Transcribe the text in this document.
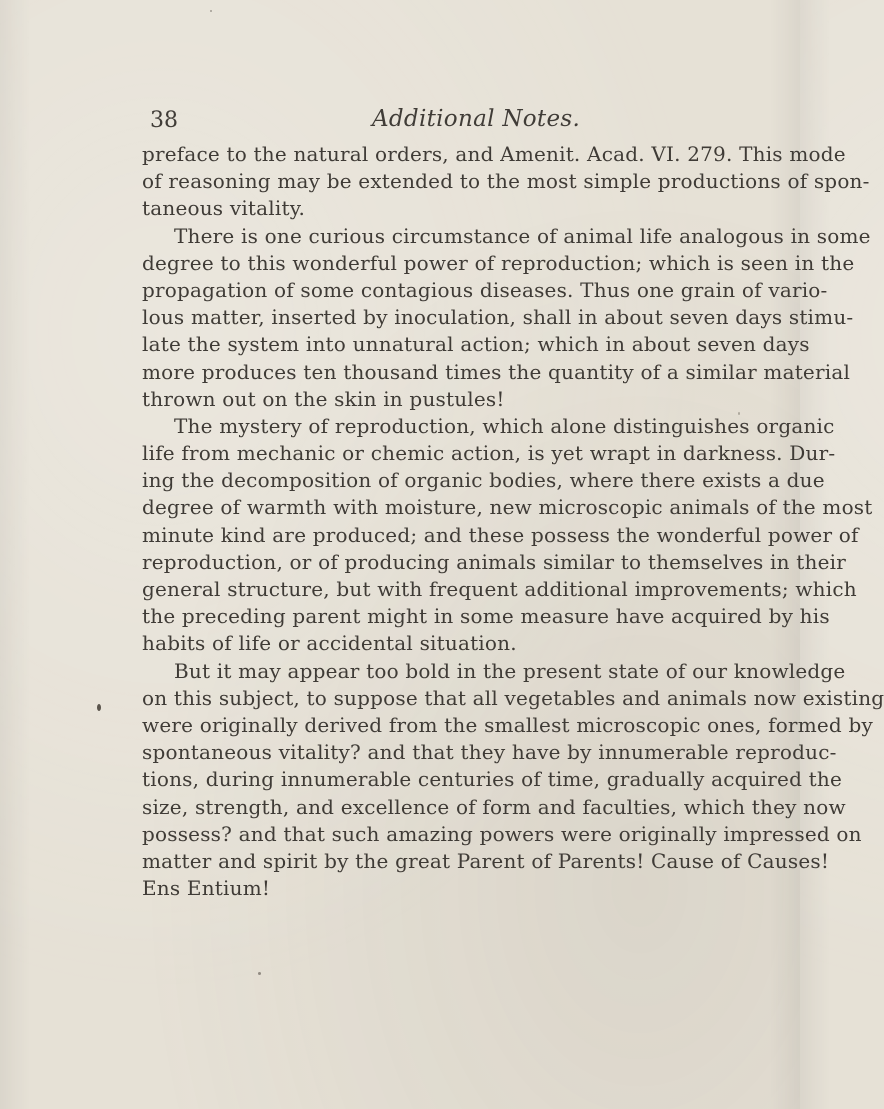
38	Additional Notes.
preface to the natural orders, and Amenit. Acad. VI. 279. This mode
of reasoning may be extended to the most simple productions of spon-
taneous vitality.
There is one curious circumstance of animal life analogous in some
degree to this wonderful power of reproduction; which is seen in the
propagation of some contagious diseases. Thus one grain of vario-
lous matter, inserted by inoculation, shall in about seven days stimu-
late the system into unnatural action; which in about seven days
more produces ten thousand times the quantity of a similar material
thrown out on the skin in pustules!
The mystery of reproduction, which alone distinguishes organic
life from mechanic or chemic action, is yet wrapt in darkness. Dur-
ing the decomposition of organic bodies, where there exists a due
degree of warmth with moisture, new microscopic animals of the most
minute kind are produced; and these possess the wonderful power of
reproduction, or of producing animals similar to themselves in their
general structure, but with frequent additional improvements; which
the preceding parent might in some measure have acquired by his
habits of life or accidental situation.
But it may appear too bold in the present state of our knowledge
on this subject, to suppose that all vegetables and animals now existing
were originally derived from the smallest microscopic ones, formed by
spontaneous vitality? and that they have by innumerable reproduc-
tions, during innumerable centuries of time, gradually acquired the
size, strength, and excellence of form and faculties, which they now
possess? and that such amazing powers were originally impressed on
matter and spirit by the great Parent of Parents! Cause of Causes!
Ens Entium!
